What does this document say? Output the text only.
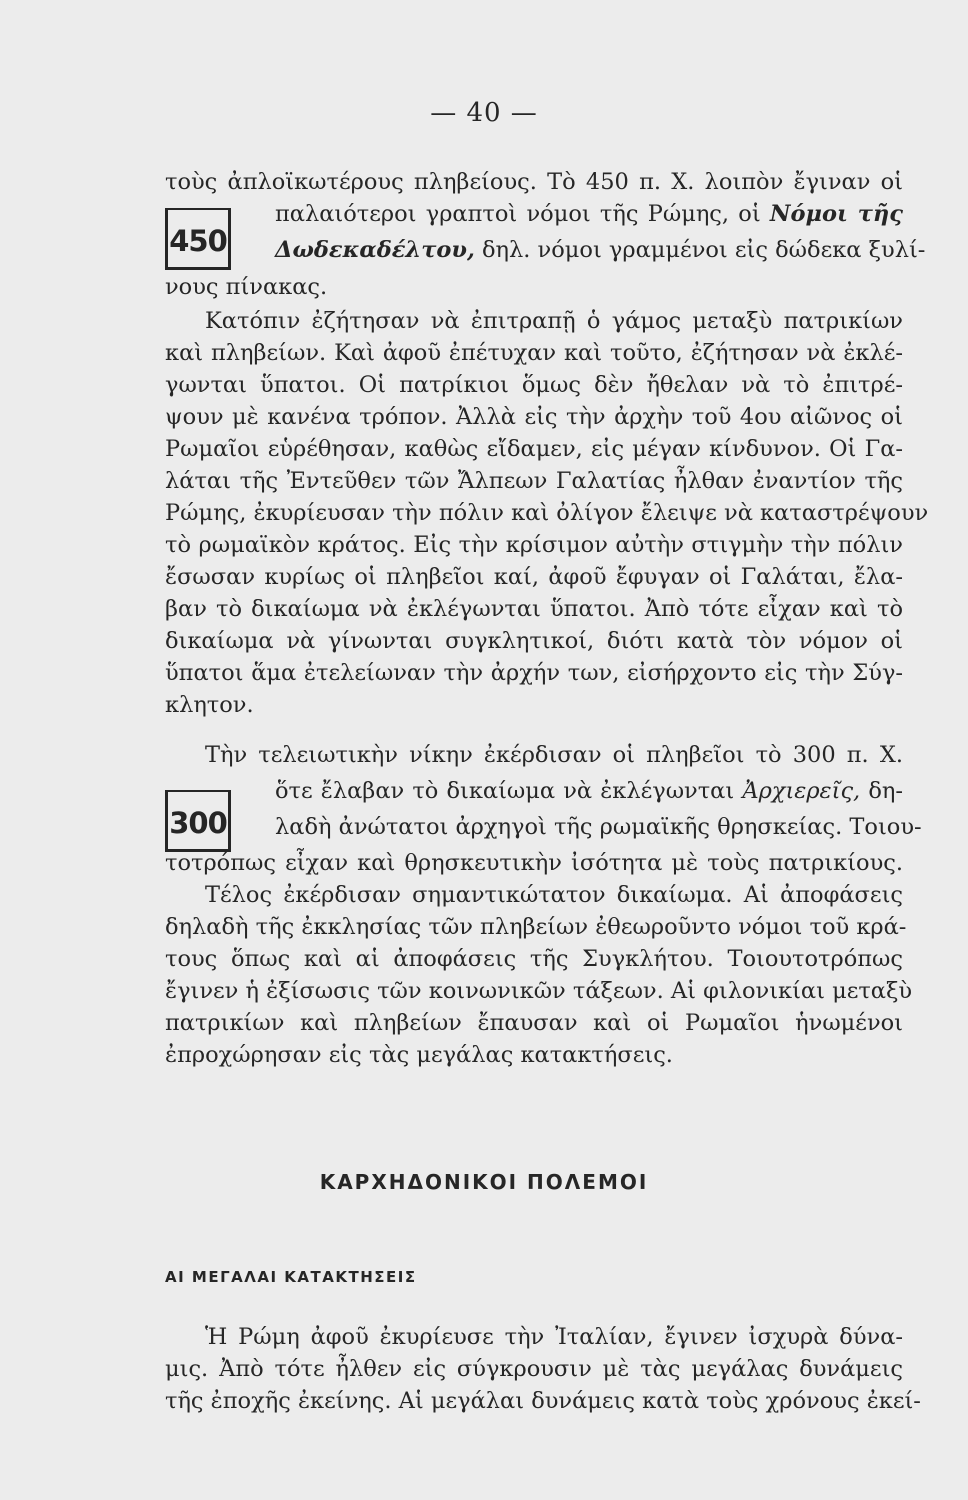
— 40 —
450
300
τοὺς ἀπλοϊκωτέρους πληβείους. Τὸ 450 π. Χ. λοιπὸν ἔγιναν οἱ
παλαιότεροι γραπτοὶ νόμοι τῆς Ρώμης, οἱ Νόμοι τῆς
Δωδεκαδέλτου, δηλ. νόμοι γραμμένοι εἰς δώδεκα ξυλί-
νους πίνακας.
Κατόπιν ἐζήτησαν νὰ ἐπιτραπῇ ὁ γάμος μεταξὺ πατρικίων
καὶ πληβείων. Καὶ ἀφοῦ ἐπέτυχαν καὶ τοῦτο, ἐζήτησαν νὰ ἐκλέ-
γωνται ὕπατοι. Οἱ πατρίκιοι ὅμως δὲν ἤθελαν νὰ τὸ ἐπιτρέ-
ψουν μὲ κανένα τρόπον. Ἀλλὰ εἰς τὴν ἀρχὴν τοῦ 4ου αἰῶνος οἱ
Ρωμαῖοι εὑρέθησαν, καθὼς εἴδαμεν, εἰς μέγαν κίνδυνον. Οἱ Γα-
λάται τῆς Ἐντεῦθεν τῶν Ἄλπεων Γαλατίας ἦλθαν ἐναντίον τῆς
Ρώμης, ἐκυρίευσαν τὴν πόλιν καὶ ὀλίγον ἔλειψε νὰ καταστρέψουν
τὸ ρωμαϊκὸν κράτος. Εἰς τὴν κρίσιμον αὐτὴν στιγμὴν τὴν πόλιν
ἔσωσαν κυρίως οἱ πληβεῖοι καί, ἀφοῦ ἔφυγαν οἱ Γαλάται, ἔλα-
βαν τὸ δικαίωμα νὰ ἐκλέγωνται ὕπατοι. Ἀπὸ τότε εἶχαν καὶ τὸ
δικαίωμα νὰ γίνωνται συγκλητικοί, διότι κατὰ τὸν νόμον οἱ
ὕπατοι ἅμα ἐτελείωναν τὴν ἀρχήν των, εἰσήρχοντο εἰς τὴν Σύγ-
κλητον.
Τὴν τελειωτικὴν νίκην ἐκέρδισαν οἱ πληβεῖοι τὸ 300 π. Χ.
ὅτε ἔλαβαν τὸ δικαίωμα νὰ ἐκλέγωνται Ἀρχιερεῖς, δη-
λαδὴ ἀνώτατοι ἀρχηγοὶ τῆς ρωμαϊκῆς θρησκείας. Τοιου-
τοτρόπως εἶχαν καὶ θρησκευτικὴν ἰσότητα μὲ τοὺς πατρικίους.
Τέλος ἐκέρδισαν σημαντικώτατον δικαίωμα. Αἱ ἀποφάσεις
δηλαδὴ τῆς ἐκκλησίας τῶν πληβείων ἐθεωροῦντο νόμοι τοῦ κρά-
τους ὅπως καὶ αἱ ἀποφάσεις τῆς Συγκλήτου. Τοιουτοτρόπως
ἔγινεν ἡ ἐξίσωσις τῶν κοινωνικῶν τάξεων. Αἱ φιλονικίαι μεταξὺ
πατρικίων καὶ πληβείων ἔπαυσαν καὶ οἱ Ρωμαῖοι ἡνωμένοι
ἐπροχώρησαν εἰς τὰς μεγάλας κατακτήσεις.
ΚΑΡΧΗΔΟΝΙΚΟΙ ΠΟΛΕΜΟΙ
ΑΙ ΜΕΓΑΛΑΙ ΚΑΤΑΚΤΗΣΕΙΣ
Ἡ Ρώμη ἀφοῦ ἐκυρίευσε τὴν Ἰταλίαν, ἔγινεν ἰσχυρὰ δύνα-
μις. Ἀπὸ τότε ἦλθεν εἰς σύγκρουσιν μὲ τὰς μεγάλας δυνάμεις
τῆς ἐποχῆς ἐκείνης. Αἱ μεγάλαι δυνάμεις κατὰ τοὺς χρόνους ἐκεί-
